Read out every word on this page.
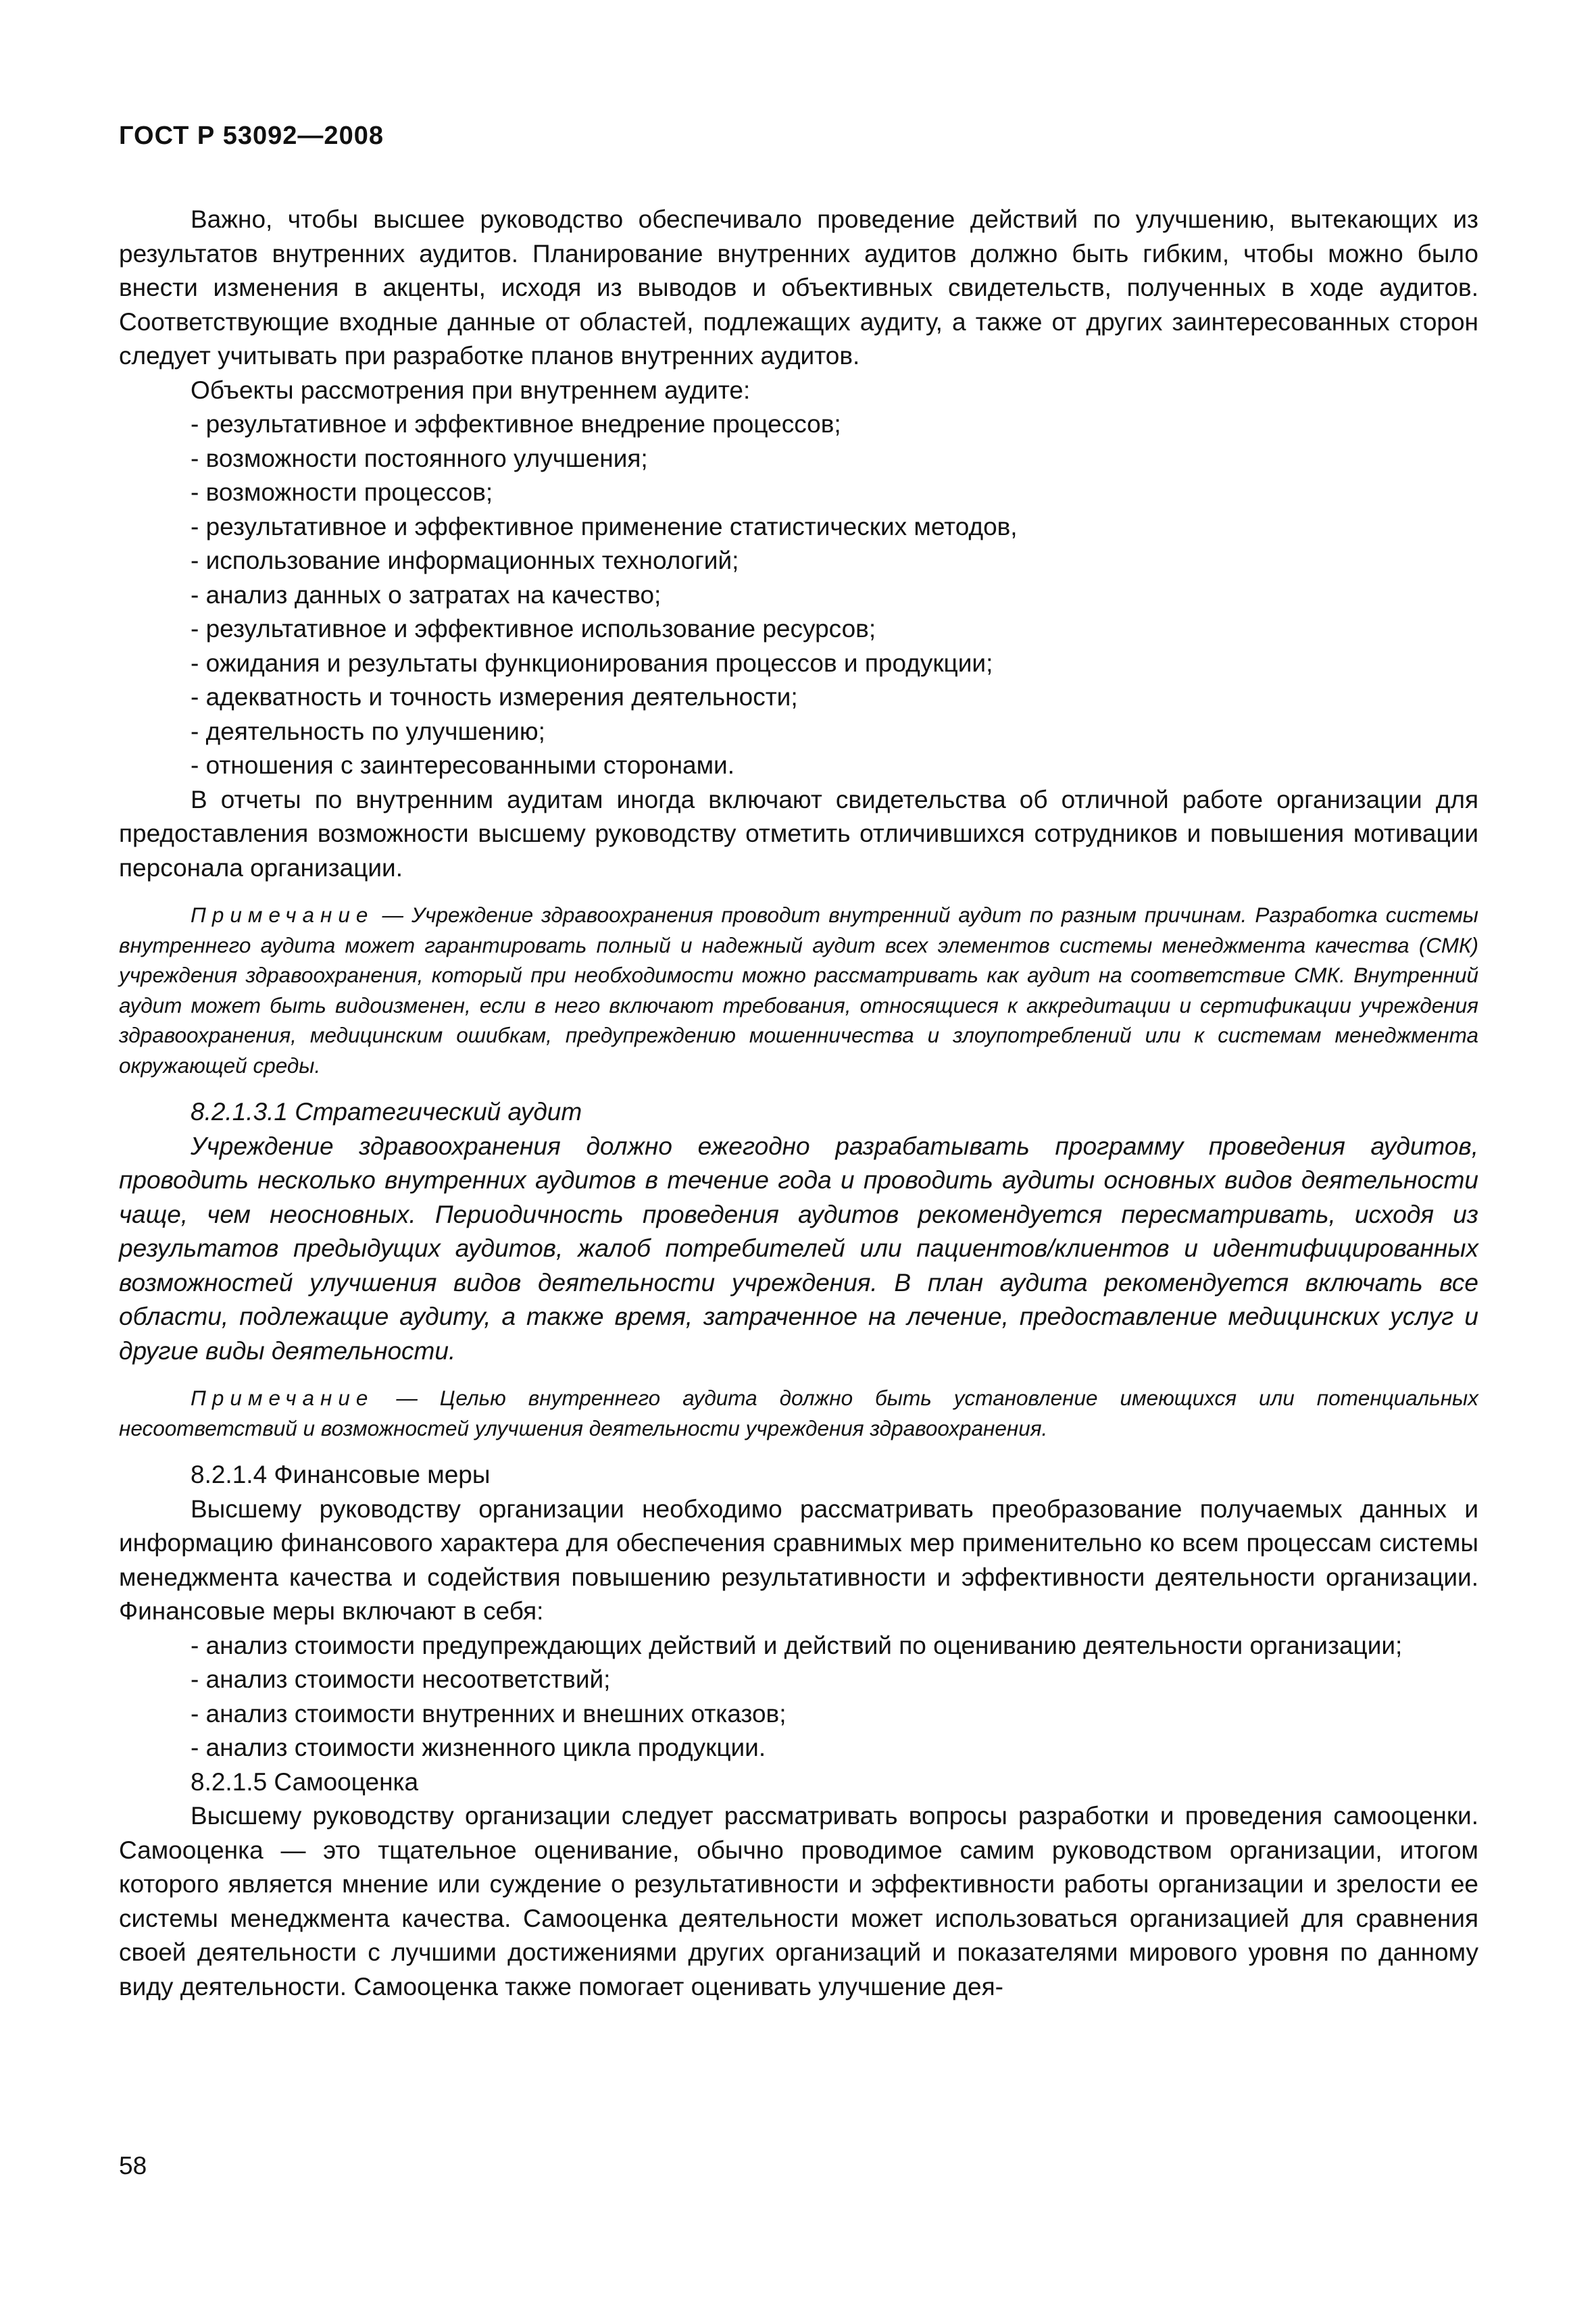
ГОСТ Р 53092—2008

Важно, чтобы высшее руководство обеспечивало проведение действий по улучшению, вытекающих из результатов внутренних аудитов. Планирование внутренних аудитов должно быть гибким, чтобы можно было внести изменения в акценты, исходя из выводов и объективных свидетельств, полученных в ходе аудитов. Соответствующие входные данные от областей, подлежащих аудиту, а также от других заинтересованных сторон следует учитывать при разработке планов внутренних аудитов.

Объекты рассмотрения при внутреннем аудите:

- результативное и эффективное внедрение процессов;

- возможности постоянного улучшения;

- возможности процессов;

- результативное и эффективное применение статистических методов,

- использование информационных технологий;

- анализ данных о затратах на качество;

- результативное и эффективное использование ресурсов;

- ожидания и результаты функционирования процессов и продукции;

- адекватность и точность измерения деятельности;

- деятельность по улучшению;

- отношения с заинтересованными сторонами.

В отчеты по внутренним аудитам иногда включают свидетельства об отличной работе организации для предоставления возможности высшему руководству отметить отличившихся сотрудников и повышения мотивации персонала организации.

Примечание — Учреждение здравоохранения проводит внутренний аудит по разным причинам. Разработка системы внутреннего аудита может гарантировать полный и надежный аудит всех элементов системы менеджмента качества (СМК) учреждения здравоохранения, который при необходимости можно рассматривать как аудит на соответствие СМК. Внутренний аудит может быть видоизменен, если в него включают требования, относящиеся к аккредитации и сертификации учреждения здравоохранения, медицинским ошибкам, предупреждению мошенничества и злоупотреблений или к системам менеджмента окружающей среды.

8.2.1.3.1 Стратегический аудит

Учреждение здравоохранения должно ежегодно разрабатывать программу проведения аудитов, проводить несколько внутренних аудитов в течение года и проводить аудиты основных видов деятельности чаще, чем неосновных. Периодичность проведения аудитов рекомендуется пересматривать, исходя из результатов предыдущих аудитов, жалоб потребителей или пациентов/клиентов и идентифицированных возможностей улучшения видов деятельности учреждения. В план аудита рекомендуется включать все области, подлежащие аудиту, а также время, затраченное на лечение, предоставление медицинских услуг и другие виды деятельности.

Примечание — Целью внутреннего аудита должно быть установление имеющихся или потенциальных несоответствий и возможностей улучшения деятельности учреждения здравоохранения.

8.2.1.4 Финансовые меры

Высшему руководству организации необходимо рассматривать преобразование получаемых данных и информацию финансового характера для обеспечения сравнимых мер применительно ко всем процессам системы менеджмента качества и содействия повышению результативности и эффективности деятельности организации. Финансовые меры включают в себя:

- анализ стоимости предупреждающих действий и действий по оцениванию деятельности организации;

- анализ стоимости несоответствий;

- анализ стоимости внутренних и внешних отказов;

- анализ стоимости жизненного цикла продукции.

8.2.1.5 Самооценка

Высшему руководству организации следует рассматривать вопросы разработки и проведения самооценки. Самооценка — это тщательное оценивание, обычно проводимое самим руководством организации, итогом которого является мнение или суждение о результативности и эффективности работы организации и зрелости ее системы менеджмента качества. Самооценка деятельности может использоваться организацией для сравнения своей деятельности с лучшими достижениями других организаций и показателями мирового уровня по данному виду деятельности. Самооценка также помогает оценивать улучшение дея-

58
